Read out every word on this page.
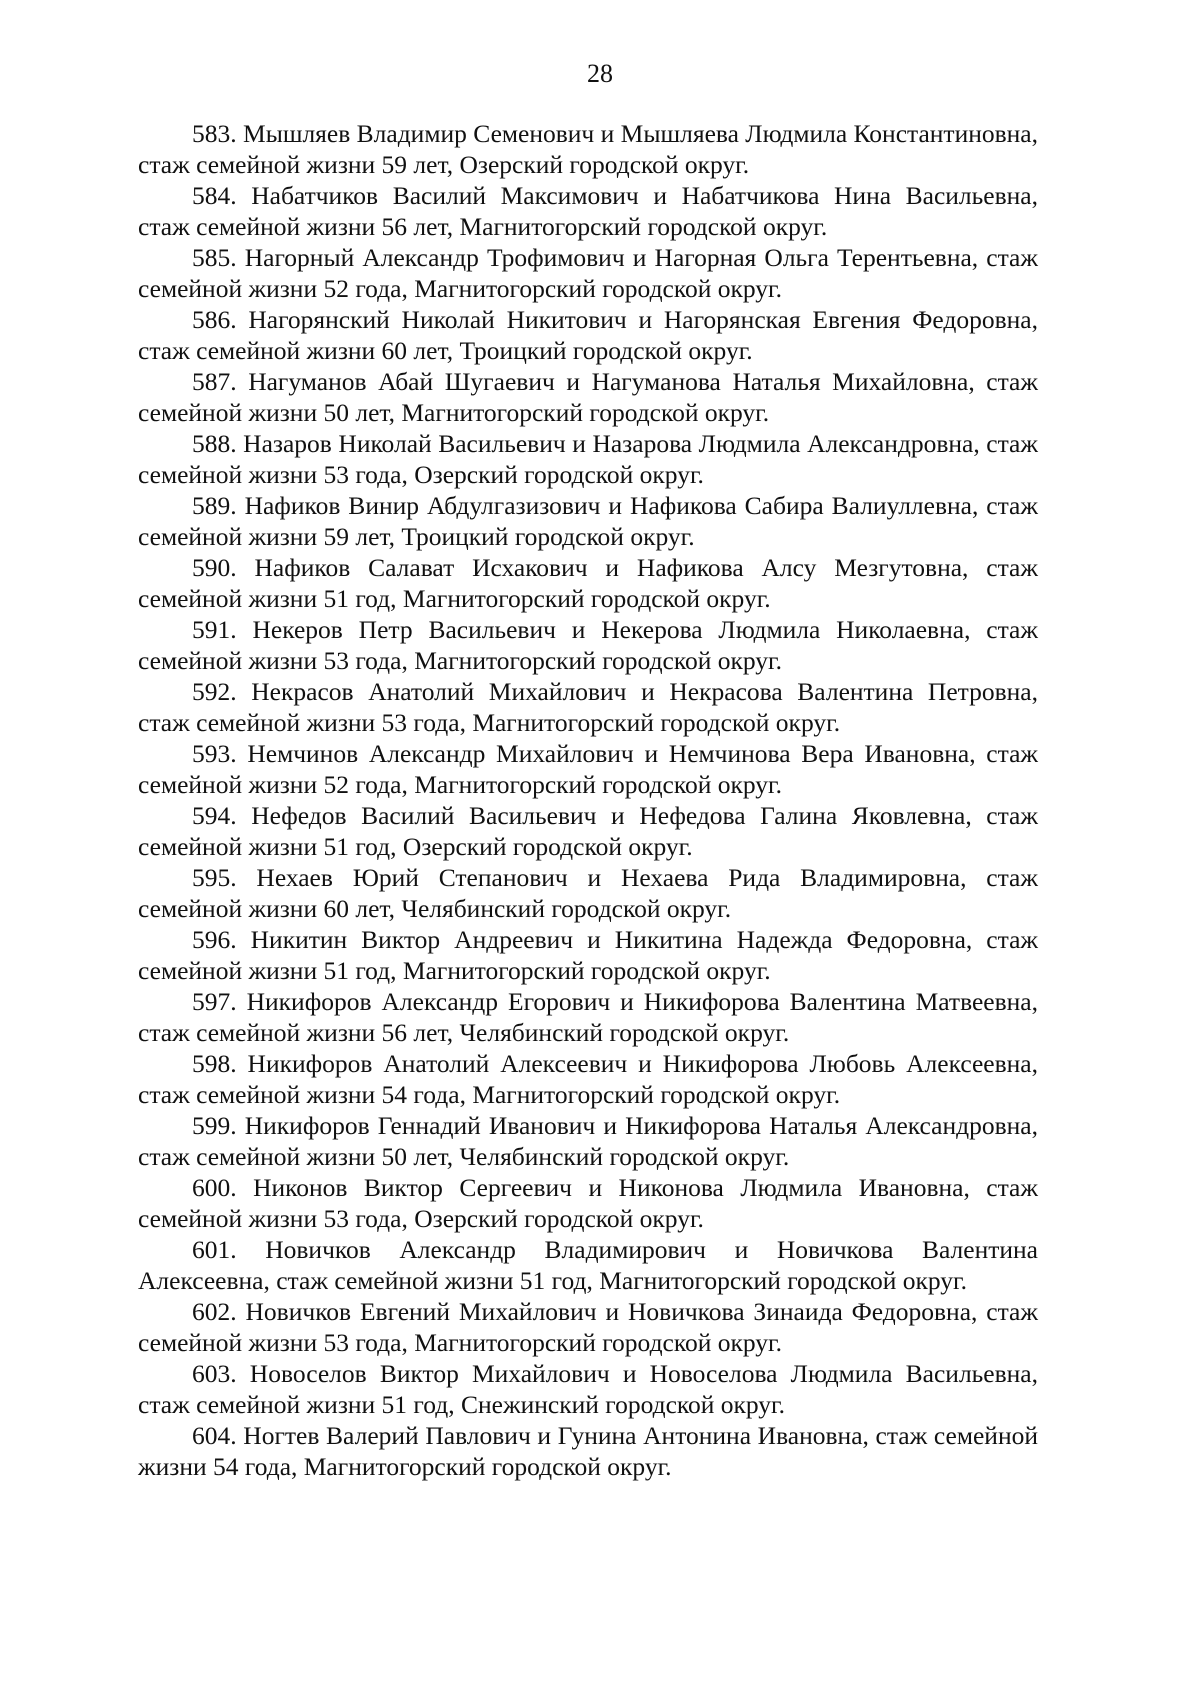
28

583. Мышляев Владимир Семенович и Мышляева Людмила Константиновна, стаж семейной жизни 59 лет, Озерский городской округ.

584. Набатчиков Василий Максимович и Набатчикова Нина Васильевна, стаж семейной жизни 56 лет, Магнитогорский городской округ.

585. Нагорный Александр Трофимович и Нагорная Ольга Терентьевна, стаж семейной жизни 52 года, Магнитогорский городской округ.

586. Нагорянский Николай Никитович и Нагорянская Евгения Федоровна, стаж семейной жизни 60 лет, Троицкий городской округ.

587. Нагуманов Абай Шугаевич и Нагуманова Наталья Михайловна, стаж семейной жизни 50 лет, Магнитогорский городской округ.

588. Назаров Николай Васильевич и Назарова Людмила Александровна, стаж семейной жизни 53 года, Озерский городской округ.

589. Нафиков Винир Абдулгазизович и Нафикова Сабира Валиуллевна, стаж семейной жизни 59 лет, Троицкий городской округ.

590. Нафиков Салават Исхакович и Нафикова Алсу Мезгутовна, стаж семейной жизни 51 год, Магнитогорский городской округ.

591. Некеров Петр Васильевич и Некерова Людмила Николаевна, стаж семейной жизни 53 года, Магнитогорский городской округ.

592. Некрасов Анатолий Михайлович и Некрасова Валентина Петровна, стаж семейной жизни 53 года, Магнитогорский городской округ.

593. Немчинов Александр Михайлович и Немчинова Вера Ивановна, стаж семейной жизни 52 года, Магнитогорский городской округ.

594. Нефедов Василий Васильевич и Нефедова Галина Яковлевна, стаж семейной жизни 51 год, Озерский городской округ.

595. Нехаев Юрий Степанович и Нехаева Рида Владимировна, стаж семейной жизни 60 лет, Челябинский городской округ.

596. Никитин Виктор Андреевич и Никитина Надежда Федоровна, стаж семейной жизни 51 год, Магнитогорский городской округ.

597. Никифоров Александр Егорович и Никифорова Валентина Матвеевна, стаж семейной жизни 56 лет, Челябинский городской округ.

598. Никифоров Анатолий Алексеевич и Никифорова Любовь Алексеевна, стаж семейной жизни 54 года, Магнитогорский городской округ.

599. Никифоров Геннадий Иванович и Никифорова Наталья Александровна, стаж семейной жизни 50 лет, Челябинский городской округ.

600. Никонов Виктор Сергеевич и Никонова Людмила Ивановна, стаж семейной жизни 53 года, Озерский городской округ.

601. Новичков Александр Владимирович и Новичкова Валентина Алексеевна, стаж семейной жизни 51 год, Магнитогорский городской округ.

602. Новичков Евгений Михайлович и Новичкова Зинаида Федоровна, стаж семейной жизни 53 года, Магнитогорский городской округ.

603. Новоселов Виктор Михайлович и Новоселова Людмила Васильевна, стаж семейной жизни 51 год, Снежинский городской округ.

604. Ногтев Валерий Павлович и Гунина Антонина Ивановна, стаж семейной жизни 54 года, Магнитогорский городской округ.
